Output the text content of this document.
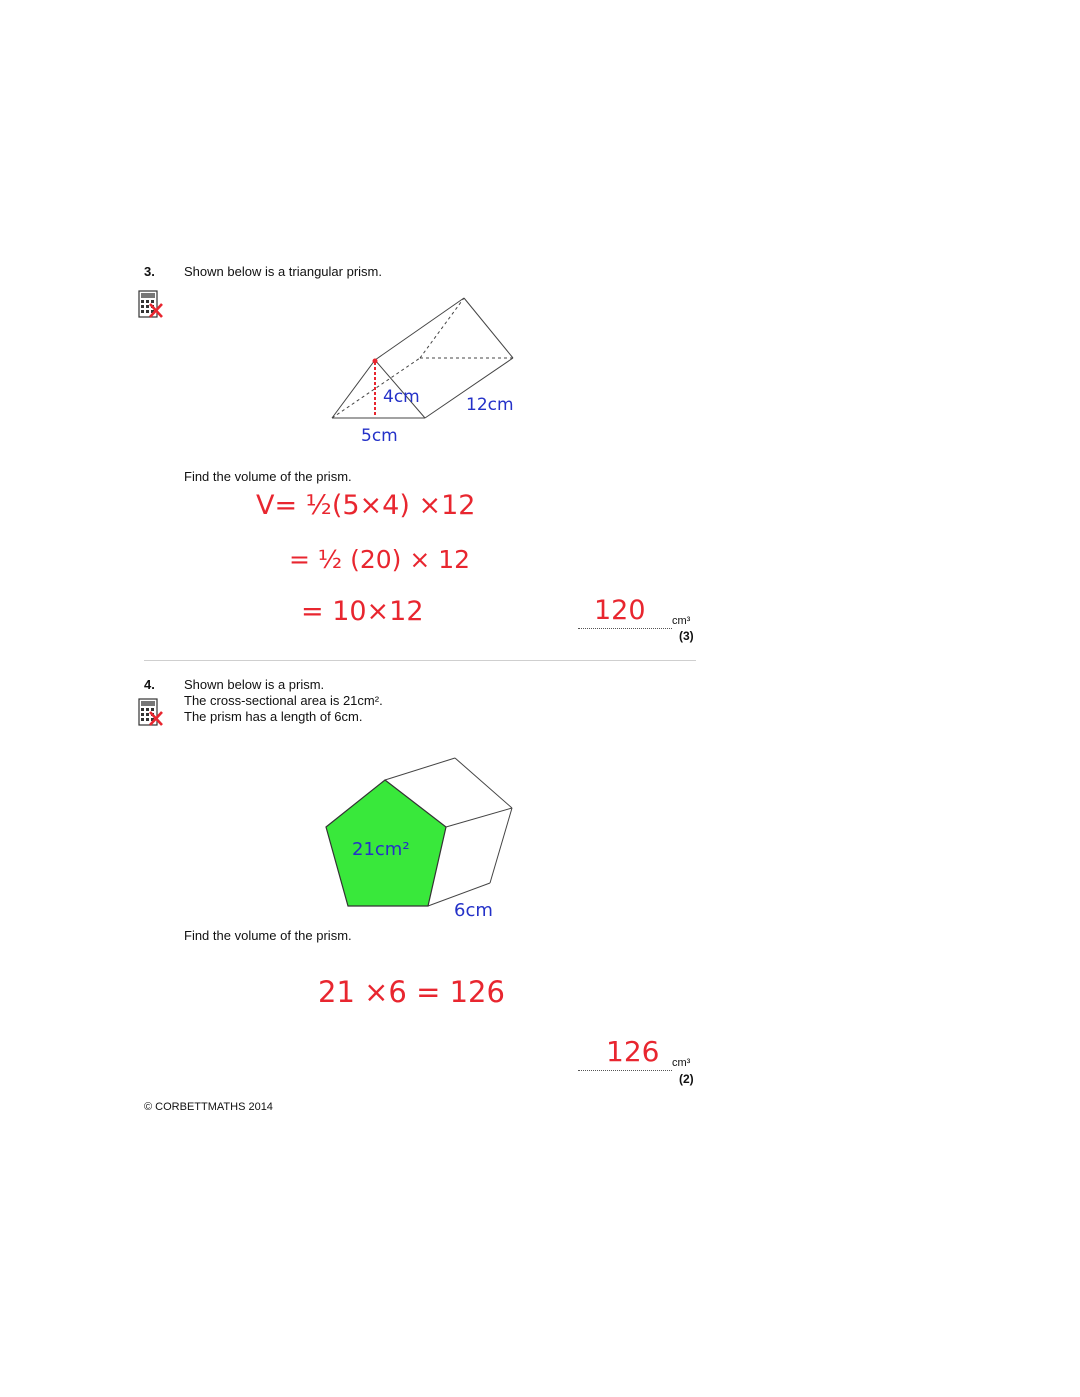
3. Shown below is a triangular prism.
4cm	12cm
5cm
Find the volume of the prism.
V= ½(5×4) ×12
= ½ (20) × 12
= 10×12	120 cm³
(3)
4. Shown below is a prism.
The cross-sectional area is 21cm².
The prism has a length of 6cm.
21cm²
6cm
Find the volume of the prism.
21 ×6 = 126
126 cm³
(2)
© CORBETTMATHS 2014
